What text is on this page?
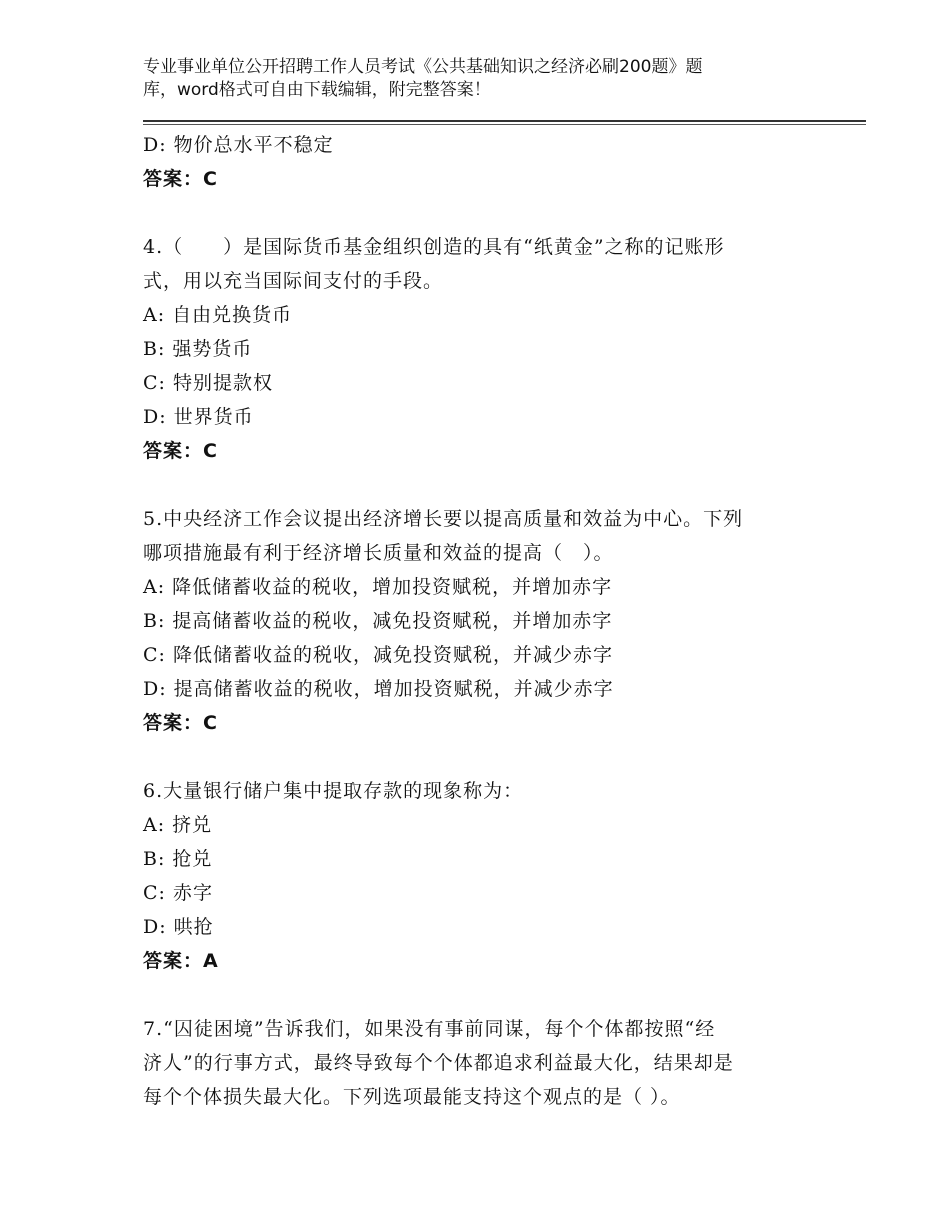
专业事业单位公开招聘工作人员考试《公共基础知识之经济必刷200题》题
库，word格式可自由下载编辑，附完整答案！
D: 物价总水平不稳定
答案：C
4.（　　）是国际货币基金组织创造的具有“纸黄金”之称的记账形
式，用以充当国际间支付的手段。
A: 自由兑换货币
B: 强势货币
C: 特别提款权
D: 世界货币
答案：C
5.中央经济工作会议提出经济增长要以提高质量和效益为中心。下列
哪项措施最有利于经济增长质量和效益的提高（　）。
A: 降低储蓄收益的税收，增加投资赋税，并增加赤字
B: 提高储蓄收益的税收，减免投资赋税，并增加赤字
C: 降低储蓄收益的税收，减免投资赋税，并减少赤字
D: 提高储蓄收益的税收，增加投资赋税，并减少赤字
答案：C
6.大量银行储户集中提取存款的现象称为：
A: 挤兑
B: 抢兑
C: 赤字
D: 哄抢
答案：A
7.“囚徒困境”告诉我们，如果没有事前同谋，每个个体都按照“经
济人”的行事方式，最终导致每个个体都追求利益最大化，结果却是
每个个体损失最大化。下列选项最能支持这个观点的是（ ）。
